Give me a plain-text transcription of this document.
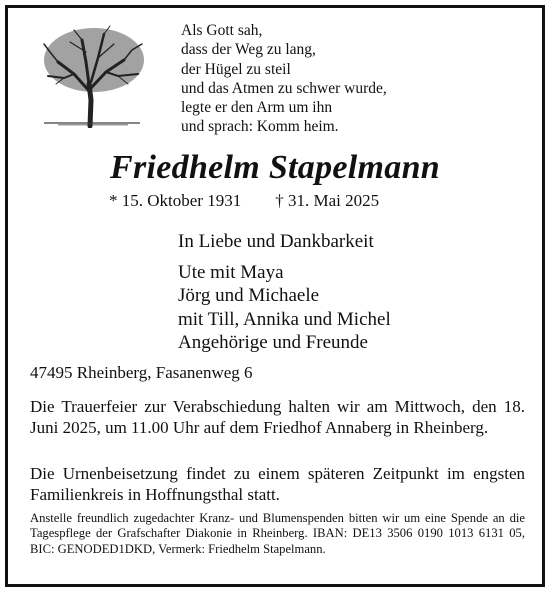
Als Gott sah,
dass der Weg zu lang,
der Hügel zu steil
und das Atmen zu schwer wurde,
legte er den Arm um ihn
und sprach: Komm heim.
Friedhelm Stapelmann
* 15. Oktober 1931 † 31. Mai 2025
In Liebe und Dankbarkeit
Ute mit Maya
Jörg und Michaele
mit Till, Annika und Michel
Angehörige und Freunde
47495 Rheinberg, Fasanenweg 6
Die Trauerfeier zur Verabschiedung halten wir am Mittwoch, den 18. Juni 2025, um 11.00 Uhr auf dem Friedhof Annaberg in Rheinberg.
Die Urnenbeisetzung findet zu einem späteren Zeitpunkt im engsten Familienkreis in Hoffnungsthal statt.
Anstelle freundlich zugedachter Kranz- und Blumenspenden bitten wir um eine Spende an die Tagespflege der Grafschafter Diakonie in Rheinberg. IBAN: DE13 3506 0190 1013 6131 05, BIC: GENODED1DKD, Vermerk: Friedhelm Stapelmann.
